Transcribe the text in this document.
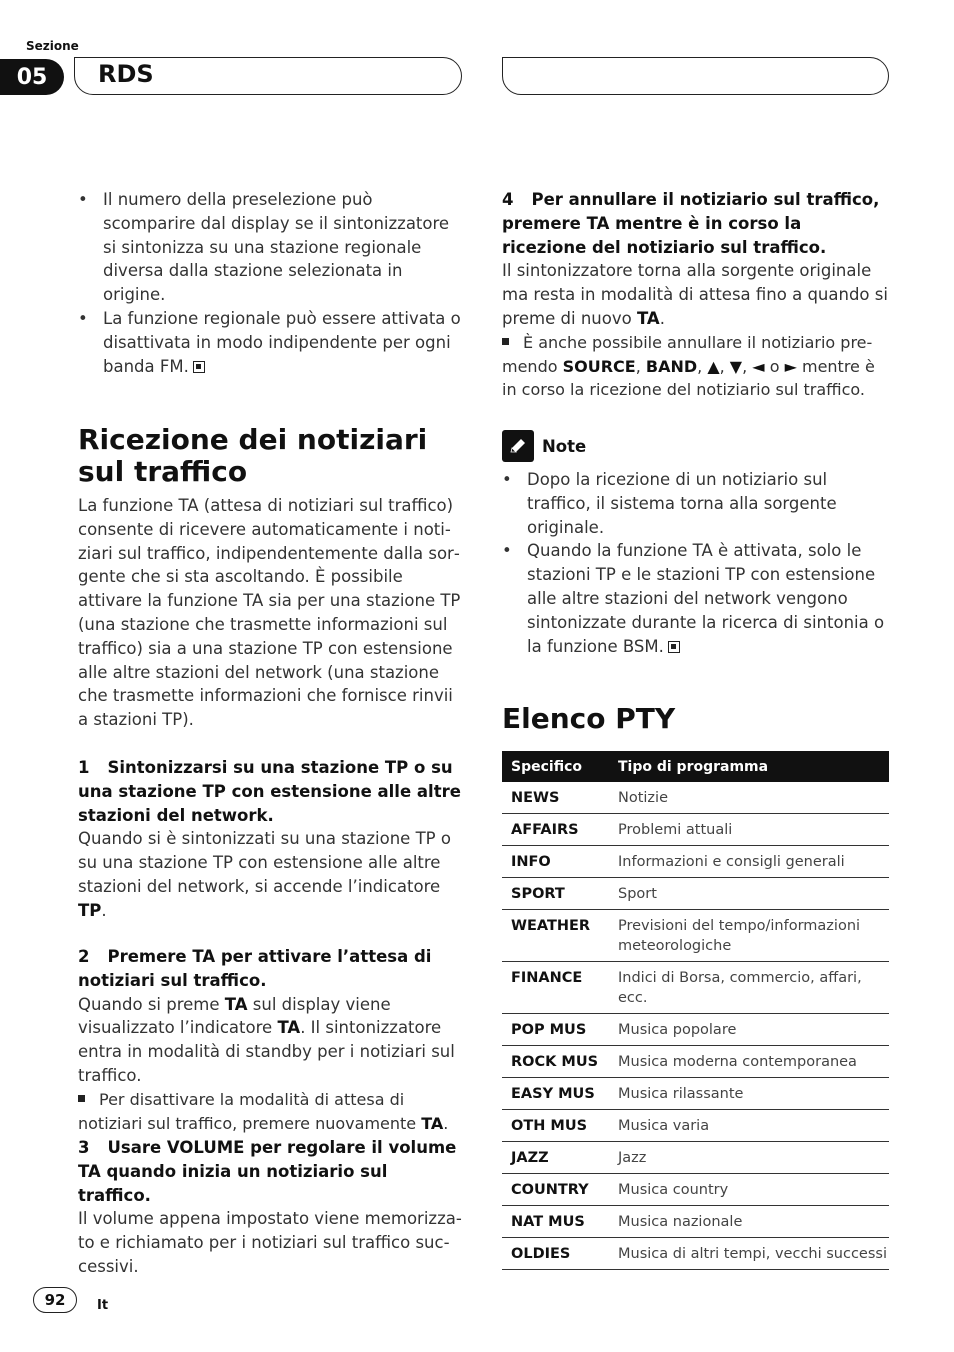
Sezione
05	RDS
• Il numero della preselezione può scomparire dal display se il sintonizzatore si sintonizza su una stazione regionale diversa dalla stazione selezionata in origine.
• La funzione regionale può essere attivata o disattivata in modo indipendente per ogni banda FM.
Ricezione dei notiziari sul traffico

La funzione TA (attesa di notiziari sul traffico) consente di ricevere automaticamente i notiziari sul traffico, indipendentemente dalla sorgente che si sta ascoltando. È possibile attivare la funzione TA sia per una stazione TP (una stazione che trasmette informazioni sul traffico) sia a una stazione TP con estensione alle altre stazioni del network (una stazione che trasmette informazioni che fornisce rinvii a stazioni TP).

1 Sintonizzarsi su una stazione TP o su una stazione TP con estensione alle altre stazioni del network.

Quando si è sintonizzati su una stazione TP o su una stazione TP con estensione alle altre stazioni del network, si accende l’indicatore TP.

2 Premere TA per attivare l’attesa di notiziari sul traffico.

Quando si preme TA sul display viene visualizzato l’indicatore TA. Il sintonizzatore entra in modalità di standby per i notiziari sul traffico.

Per disattivare la modalità di attesa di notiziari sul traffico, premere nuovamente TA.

3 Usare VOLUME per regolare il volume TA quando inizia un notiziario sul traffico.

Il volume appena impostato viene memorizzato e richiamato per i notiziari sul traffico successivi.

4 Per annullare il notiziario sul traffico, premere TA mentre è in corso la ricezione del notiziario sul traffico.

Il sintonizzatore torna alla sorgente originale ma resta in modalità di attesa fino a quando si preme di nuovo TA.

È anche possibile annullare il notiziario premendo SOURCE, BAND, ▲, ▼, ◄ o ► mentre è in corso la ricezione del notiziario sul traffico.

Note
• Dopo la ricezione di un notiziario sul traffico, il sistema torna alla sorgente originale.
• Quando la funzione TA è attivata, solo le stazioni TP e le stazioni TP con estensione alle altre stazioni del network vengono sintonizzate durante la ricerca di sintonia o la funzione BSM.
Elenco PTY
Specifico	Tipo di programma
NEWS	Notizie
AFFAIRS	Problemi attuali
INFO	Informazioni e consigli generali
SPORT	Sport
WEATHER	Previsioni del tempo/informazioni meteorologiche
FINANCE	Indici di Borsa, commercio, affari, ecc.
POP MUS	Musica popolare
ROCK MUS	Musica moderna contemporanea
EASY MUS	Musica rilassante
OTH MUS	Musica varia
JAZZ	Jazz
COUNTRY	Musica country
NAT MUS	Musica nazionale
OLDIES	Musica di altri tempi, vecchi successi
92	It
